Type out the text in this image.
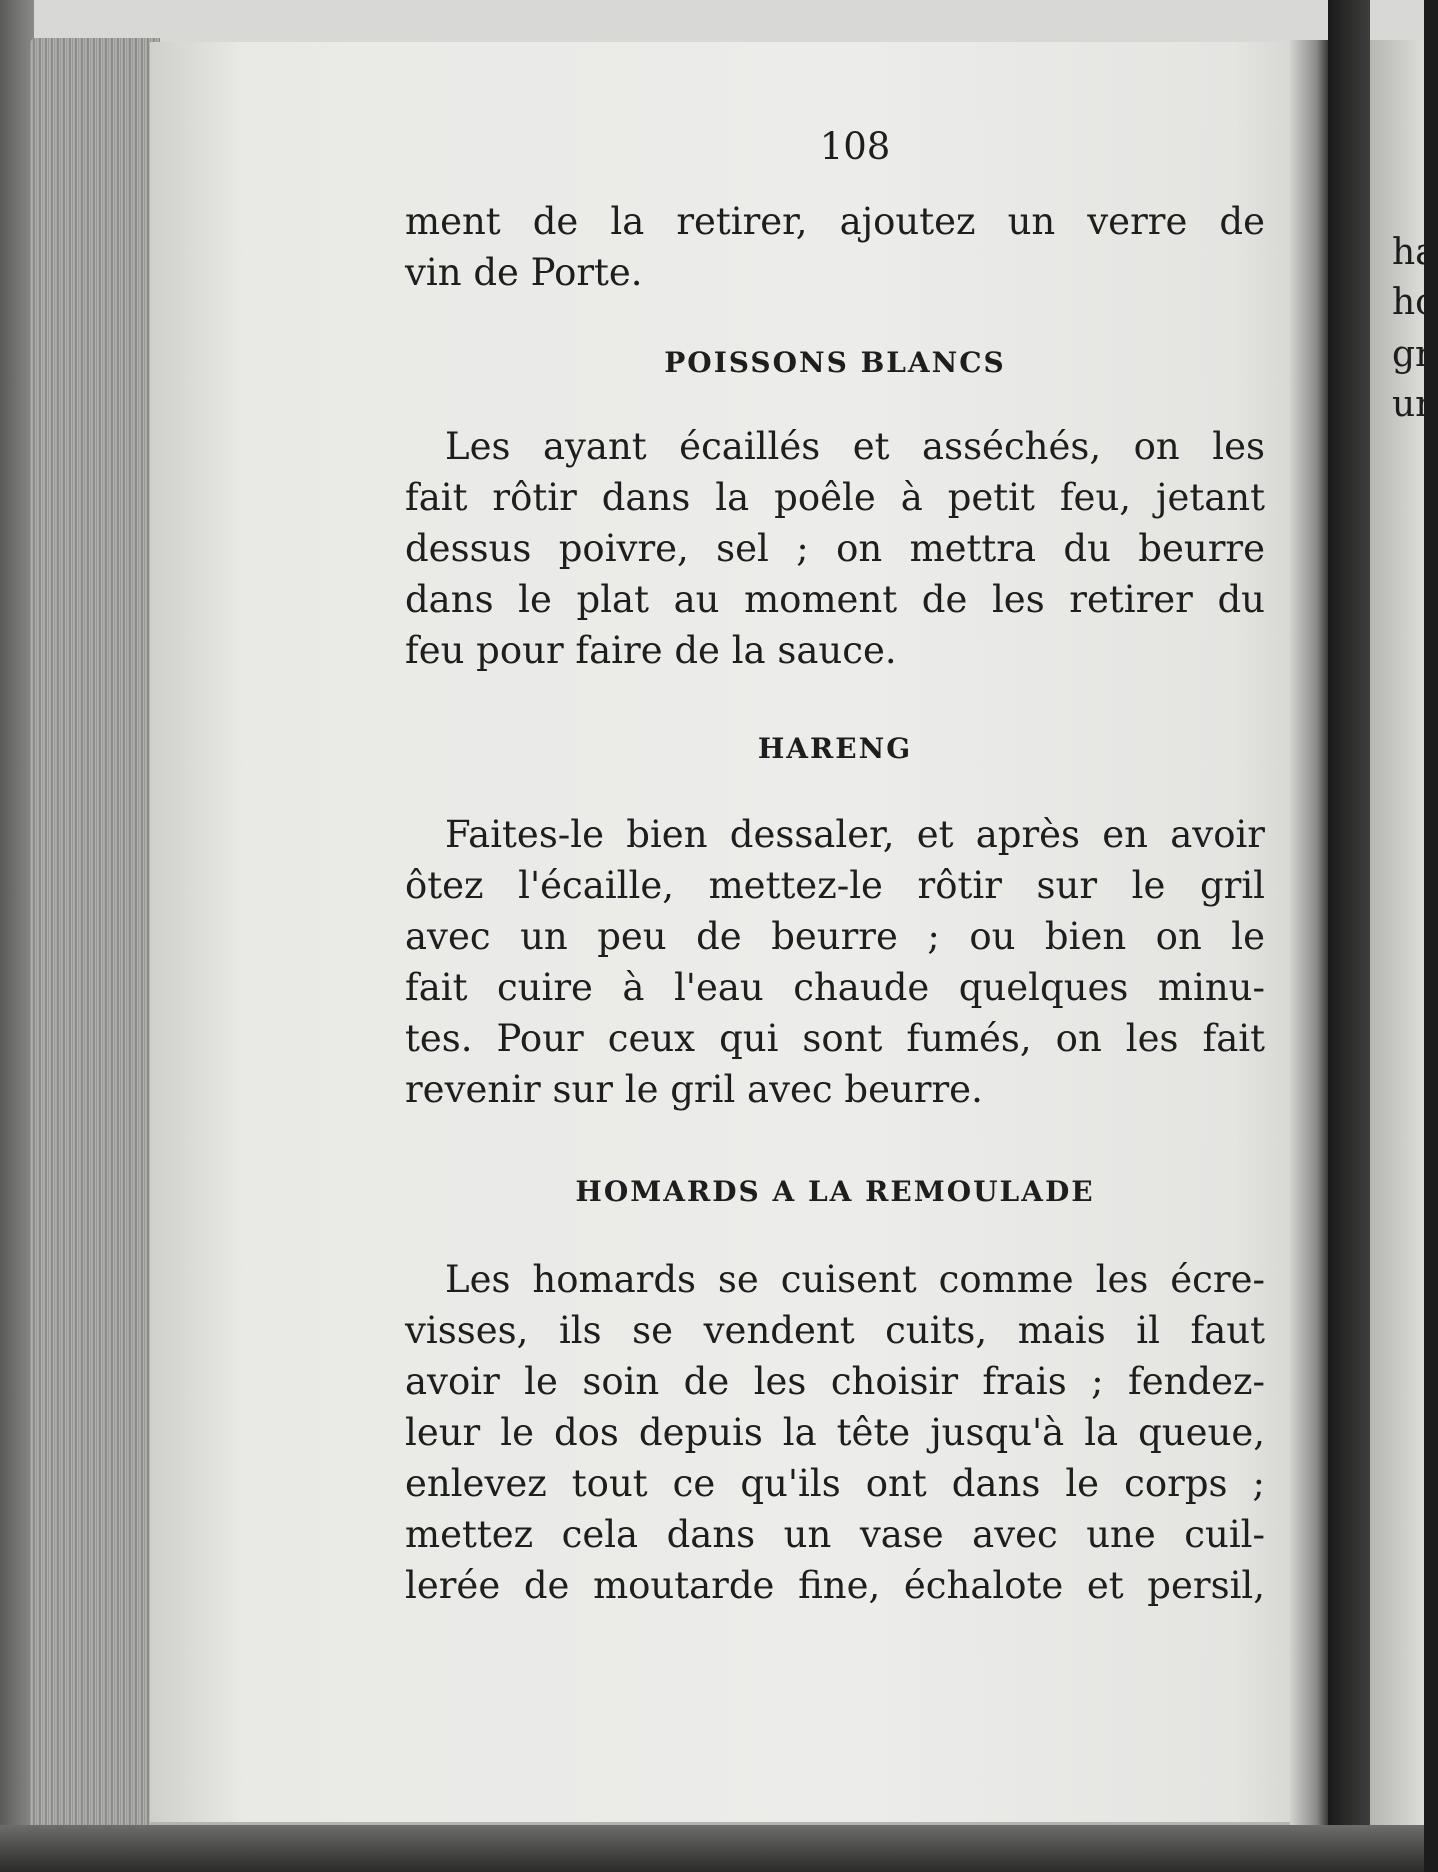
ha
ho
gr
un
108

ment de la retirer, ajoutez un verre de
vin de Porte.

POISSONS BLANCS

Les ayant écaillés et asséchés, on les
fait rôtir dans la poêle à petit feu, jetant
dessus poivre, sel ; on mettra du beurre
dans le plat au moment de les retirer du
feu pour faire de la sauce.

HARENG

Faites-le bien dessaler, et après en avoir
ôtez l'écaille, mettez-le rôtir sur le gril
avec un peu de beurre ; ou bien on le
fait cuire à l'eau chaude quelques minu-
tes. Pour ceux qui sont fumés, on les fait
revenir sur le gril avec beurre.

HOMARDS A LA REMOULADE

Les homards se cuisent comme les écre-
visses, ils se vendent cuits, mais il faut
avoir le soin de les choisir frais ; fendez-
leur le dos depuis la tête jusqu'à la queue,
enlevez tout ce qu'ils ont dans le corps ;
mettez cela dans un vase avec une cuil-
lerée de moutarde fine, échalote et persil,
